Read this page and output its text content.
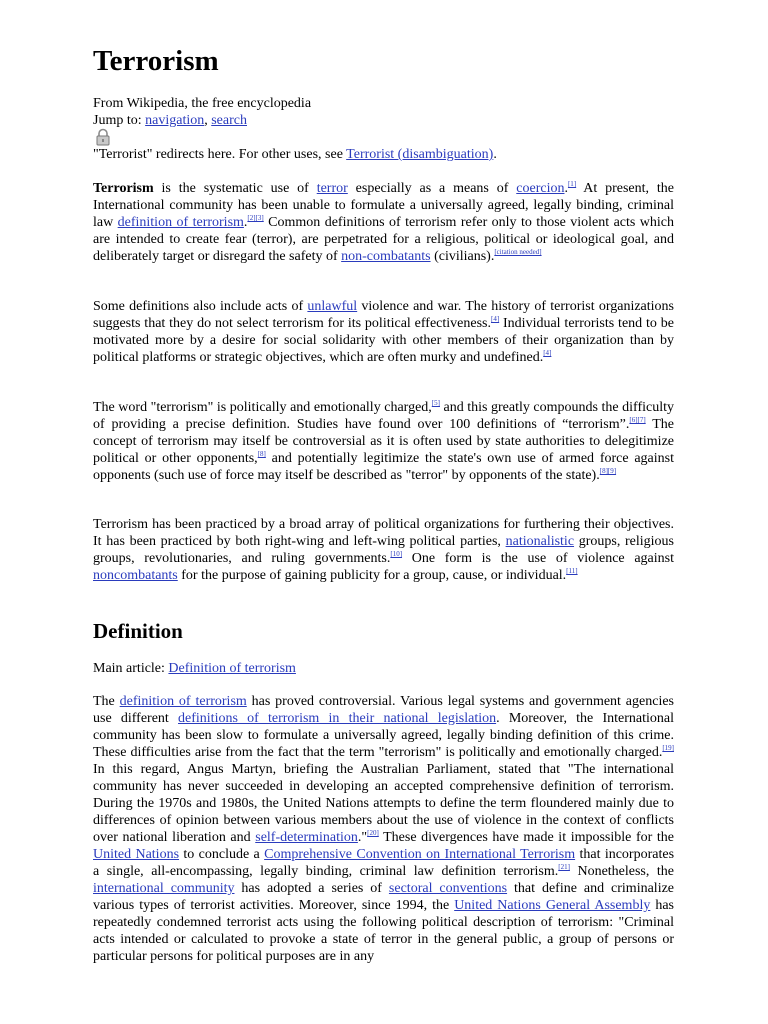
Terrorism
From Wikipedia, the free encyclopedia
Jump to: navigation, search
"Terrorist" redirects here. For other uses, see Terrorist (disambiguation).

Terrorism is the systematic use of terror especially as a means of coercion.[1] At present, the International community has been unable to formulate a universally agreed, legally binding, criminal law definition of terrorism.[2][3] Common definitions of terrorism refer only to those violent acts which are intended to create fear (terror), are perpetrated for a religious, political or ideological goal, and deliberately target or disregard the safety of non-combatants (civilians).[citation needed]

Some definitions also include acts of unlawful violence and war. The history of terrorist organizations suggests that they do not select terrorism for its political effectiveness.[4] Individual terrorists tend to be motivated more by a desire for social solidarity with other members of their organization than by political platforms or strategic objectives, which are often murky and undefined.[4]

The word "terrorism" is politically and emotionally charged,[5] and this greatly compounds the difficulty of providing a precise definition. Studies have found over 100 definitions of “terrorism”.[6][7] The concept of terrorism may itself be controversial as it is often used by state authorities to delegitimize political or other opponents,[8] and potentially legitimize the state's own use of armed force against opponents (such use of force may itself be described as "terror" by opponents of the state).[8][9]

Terrorism has been practiced by a broad array of political organizations for furthering their objectives. It has been practiced by both right-wing and left-wing political parties, nationalistic groups, religious groups, revolutionaries, and ruling governments.[10] One form is the use of violence against noncombatants for the purpose of gaining publicity for a group, cause, or individual.[11]

Definition
Main article: Definition of terrorism

The definition of terrorism has proved controversial. Various legal systems and government agencies use different definitions of terrorism in their national legislation. Moreover, the International community has been slow to formulate a universally agreed, legally binding definition of this crime. These difficulties arise from the fact that the term "terrorism" is politically and emotionally charged.[19] In this regard, Angus Martyn, briefing the Australian Parliament, stated that "The international community has never succeeded in developing an accepted comprehensive definition of terrorism. During the 1970s and 1980s, the United Nations attempts to define the term floundered mainly due to differences of opinion between various members about the use of violence in the context of conflicts over national liberation and self-determination."[20] These divergences have made it impossible for the United Nations to conclude a Comprehensive Convention on International Terrorism that incorporates a single, all-encompassing, legally binding, criminal law definition terrorism.[21] Nonetheless, the international community has adopted a series of sectoral conventions that define and criminalize various types of terrorist activities. Moreover, since 1994, the United Nations General Assembly has repeatedly condemned terrorist acts using the following political description of terrorism: "Criminal acts intended or calculated to provoke a state of terror in the general public, a group of persons or particular persons for political purposes are in any
